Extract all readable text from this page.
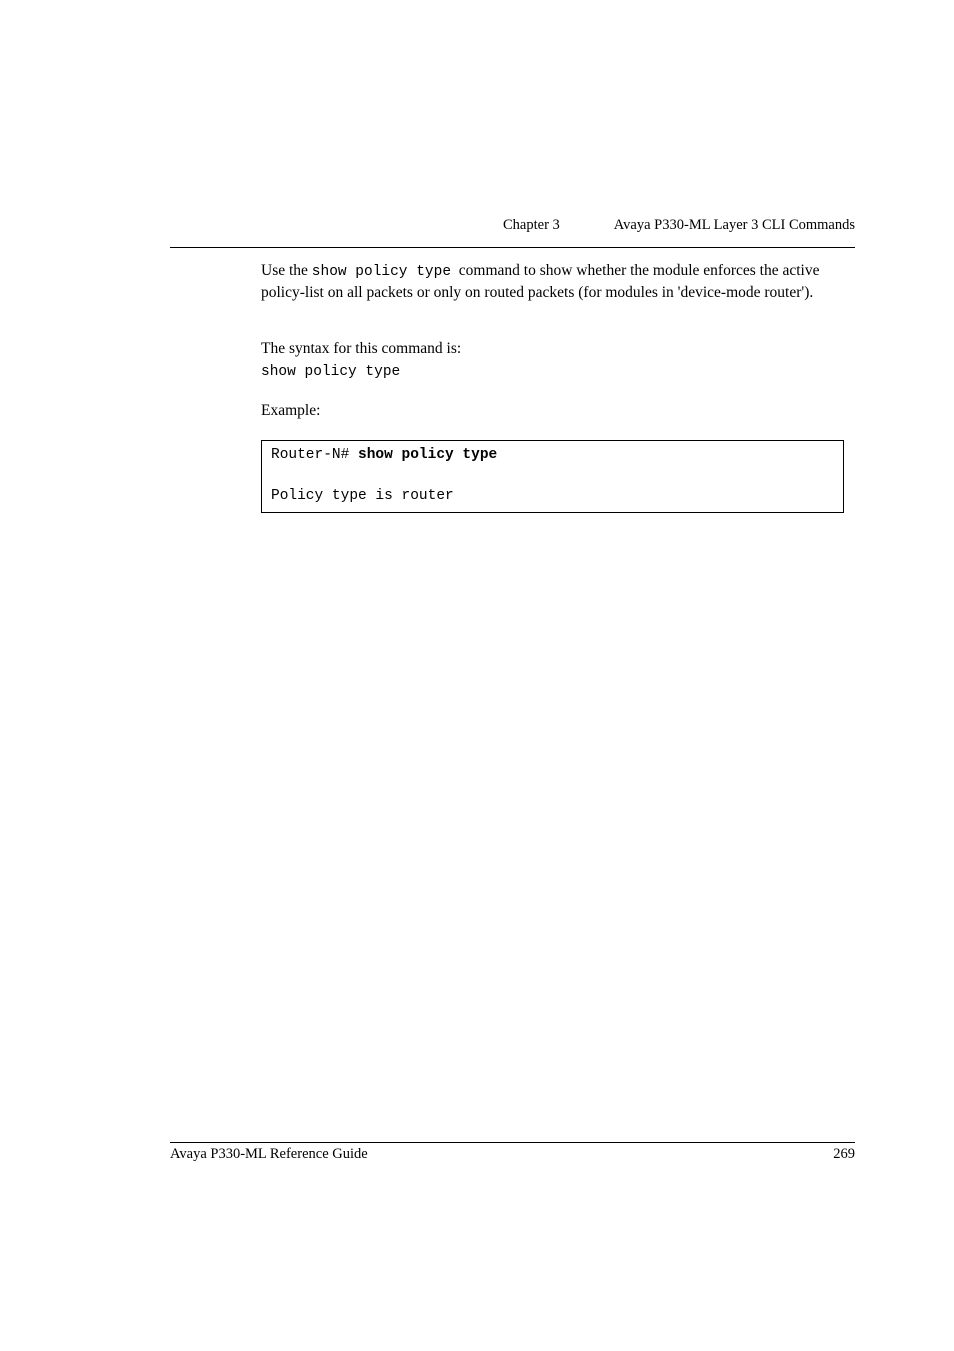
Chapter 3	Avaya P330-ML Layer 3 CLI Commands
Use the show policy type  command to show whether the module enforces the active policy-list on all packets or only on routed packets (for modules in 'device-mode router').
The syntax for this command is:
show policy type
Example:
Router-N# show policy type
Policy type is router
Avaya P330-ML Reference Guide	269
